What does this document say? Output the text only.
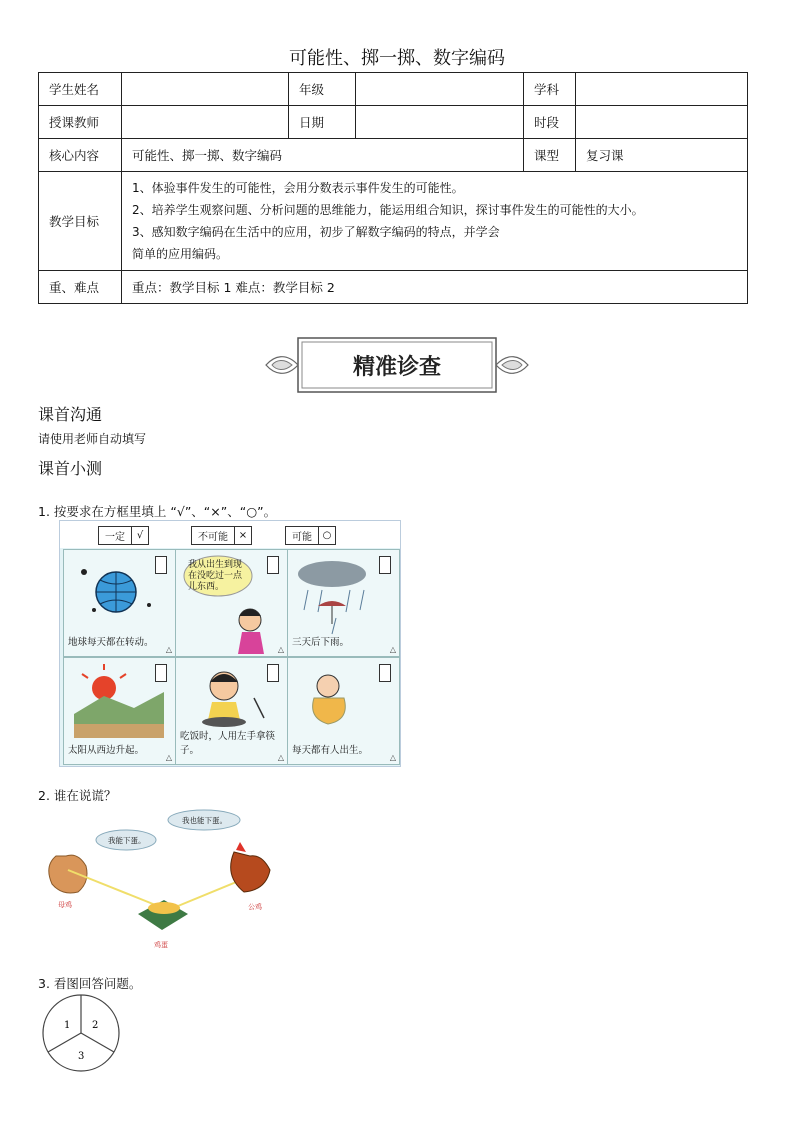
可能性、掷一掷、数字编码
学生姓名		年级		学科	
授课教师		日期		时段	
核心内容	可能性、掷一掷、数字编码			课型	复习课
教学目标	1、体验事件发生的可能性，会用分数表示事件发生的可能性。
2、培养学生观察问题、分析问题的思维能力，能运用组合知识，探讨事件发生的可能性的大小。
3、感知数字编码在生活中的应用，初步了解数字编码的特点，并学会
简单的应用编码。				

重、难点	重点：教学目标 1 难点：教学目标 2				
精准诊查
课首沟通
请使用老师自动填写
课首小测
1. 按要求在方框里填上 “√”、“×”、“○”。
一定	√	不可能	×	可能	○
地球每天都在转动。
△
我从出生到现在没吃过一点儿东西。
△
三天后下雨。
△
太阳从西边升起。
△
吃饭时，人用左手拿筷子。
△
每天都有人出生。
△
2. 谁在说谎？
我能下蛋。
我也能下蛋。
母鸡	公鸡
鸡蛋
3. 看图回答问题。
1 2
3
